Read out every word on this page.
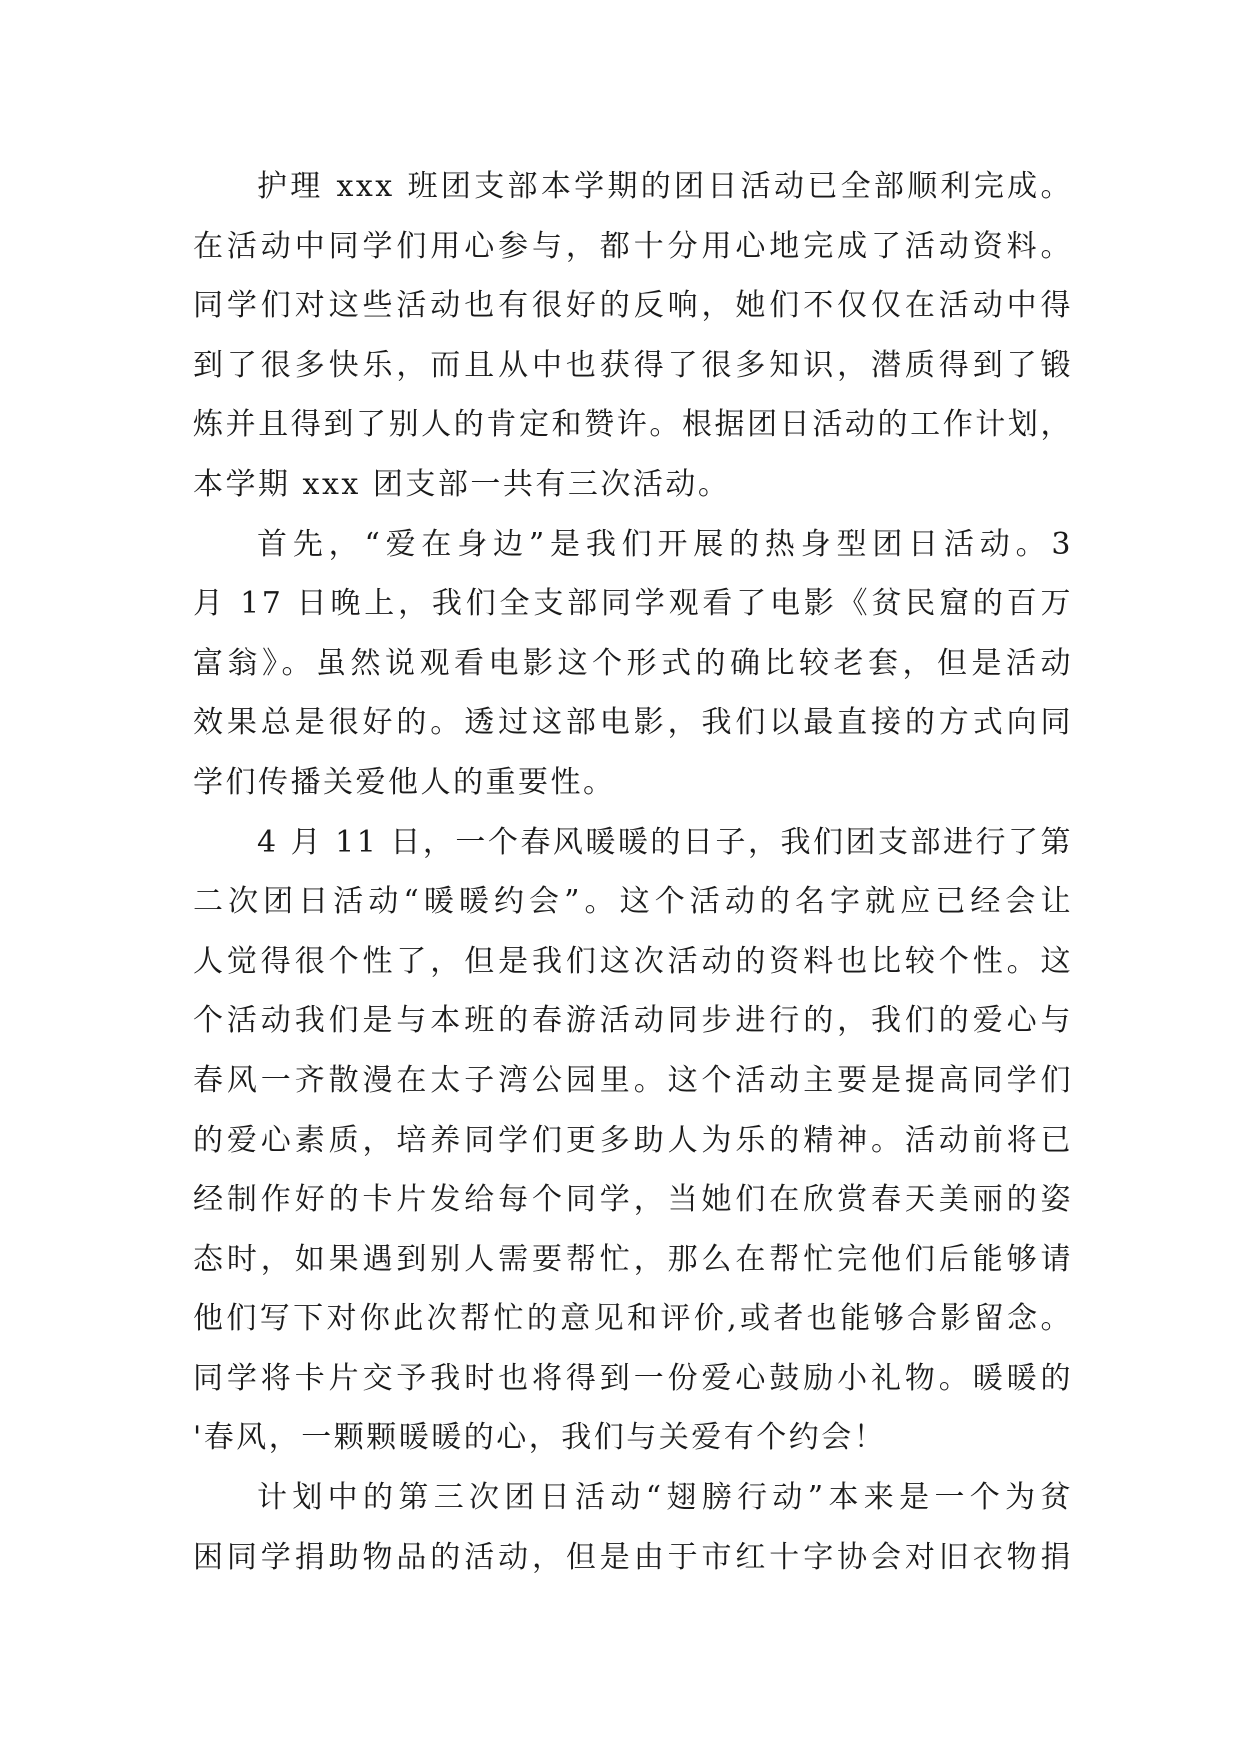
护理 xxx 班团支部本学期的团日活动已全部顺利完成。
在活动中同学们用心参与，都十分用心地完成了活动资料。
同学们对这些活动也有很好的反响，她们不仅仅在活动中得
到了很多快乐，而且从中也获得了很多知识，潜质得到了锻
炼并且得到了别人的肯定和赞许。根据团日活动的工作计划，
本学期 xxx 团支部一共有三次活动。
首先，“爱在身边”是我们开展的热身型团日活动。3
月 17 日晚上，我们全支部同学观看了电影《贫民窟的百万
富翁》。虽然说观看电影这个形式的确比较老套，但是活动
效果总是很好的。透过这部电影，我们以最直接的方式向同
学们传播关爱他人的重要性。
4 月 11 日，一个春风暖暖的日子，我们团支部进行了第
二次团日活动“暖暖约会”。这个活动的名字就应已经会让
人觉得很个性了，但是我们这次活动的资料也比较个性。这
个活动我们是与本班的春游活动同步进行的，我们的爱心与
春风一齐散漫在太子湾公园里。这个活动主要是提高同学们
的爱心素质，培养同学们更多助人为乐的精神。活动前将已
经制作好的卡片发给每个同学，当她们在欣赏春天美丽的姿
态时，如果遇到别人需要帮忙，那么在帮忙完他们后能够请
他们写下对你此次帮忙的意见和评价,或者也能够合影留念。
同学将卡片交予我时也将得到一份爱心鼓励小礼物。暖暖的
'春风，一颗颗暖暖的心，我们与关爱有个约会！
计划中的第三次团日活动“翅膀行动”本来是一个为贫
困同学捐助物品的活动，但是由于市红十字协会对旧衣物捐
